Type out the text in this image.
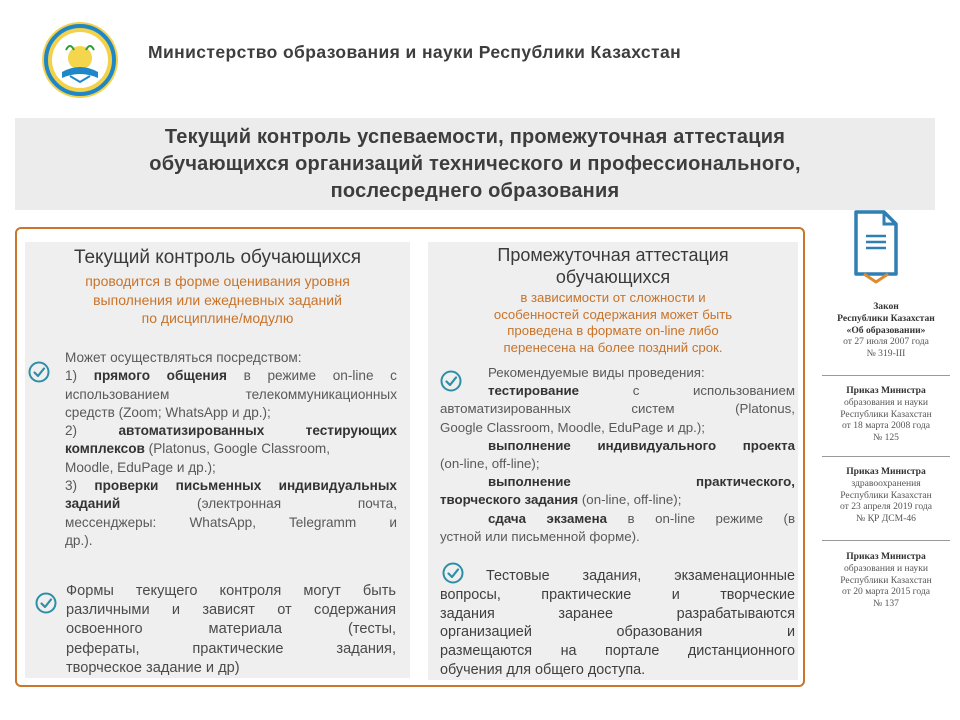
Министерство образования и науки Республики Казахстан
Текущий контроль успеваемости, промежуточная аттестация
обучающихся организаций технического и профессионального,
послесреднего образования
Текущий контроль обучающихся
проводится в форме оценивания уровня
выполнения или ежедневных заданий
по дисциплине/модулю
Может осуществляться посредством:
1) прямого общения в режиме on-line с
использованием телекоммуникационных
средств (Zoom; WhatsApp и др.);
2) автоматизированных тестирующих
комплексов (Platonus, Google Classroom,
Moodle, EduPage и др.);
3) проверки письменных индивидуальных
заданий (электронная почта,
мессенджеры: WhatsApp, Telegramm и
др.).
Формы текущего контроля могут быть
различными и зависят от содержания
освоенного материала (тесты,
рефераты, практические задания,
творческое задание и др)
Промежуточная аттестация
обучающихся
в зависимости от сложности и
особенностей содержания может быть
проведена в формате on-line либо
перенесена на более поздний срок.
Рекомендуемые виды проведения:
тестирование с использованием
автоматизированных систем (Platonus,
Google Classroom, Moodle, EduPage и др.);
выполнение индивидуального проекта
(on-line, off-line);
выполнение практического,
творческого задания (on-line, off-line);
сдача экзамена в on-line режиме (в
устной или письменной форме).
Тестовые задания, экзаменационные
вопросы, практические и творческие
задания заранее разрабатываются
организацией образования и
размещаются на портале дистанционного
обучения для общего доступа.
Закон
Республики Казахстан
«Об образовании»
от 27 июля 2007 года
№ 319-III
Приказ Министра
образования и науки
Республики Казахстан
от 18 марта 2008 года
№ 125
Приказ Министра
здравоохранения
Республики Казахстан
от 23 апреля 2019 года
№ ҚР ДСМ-46
Приказ Министра
образования и науки
Республики Казахстан
от 20 марта 2015 года
№ 137
